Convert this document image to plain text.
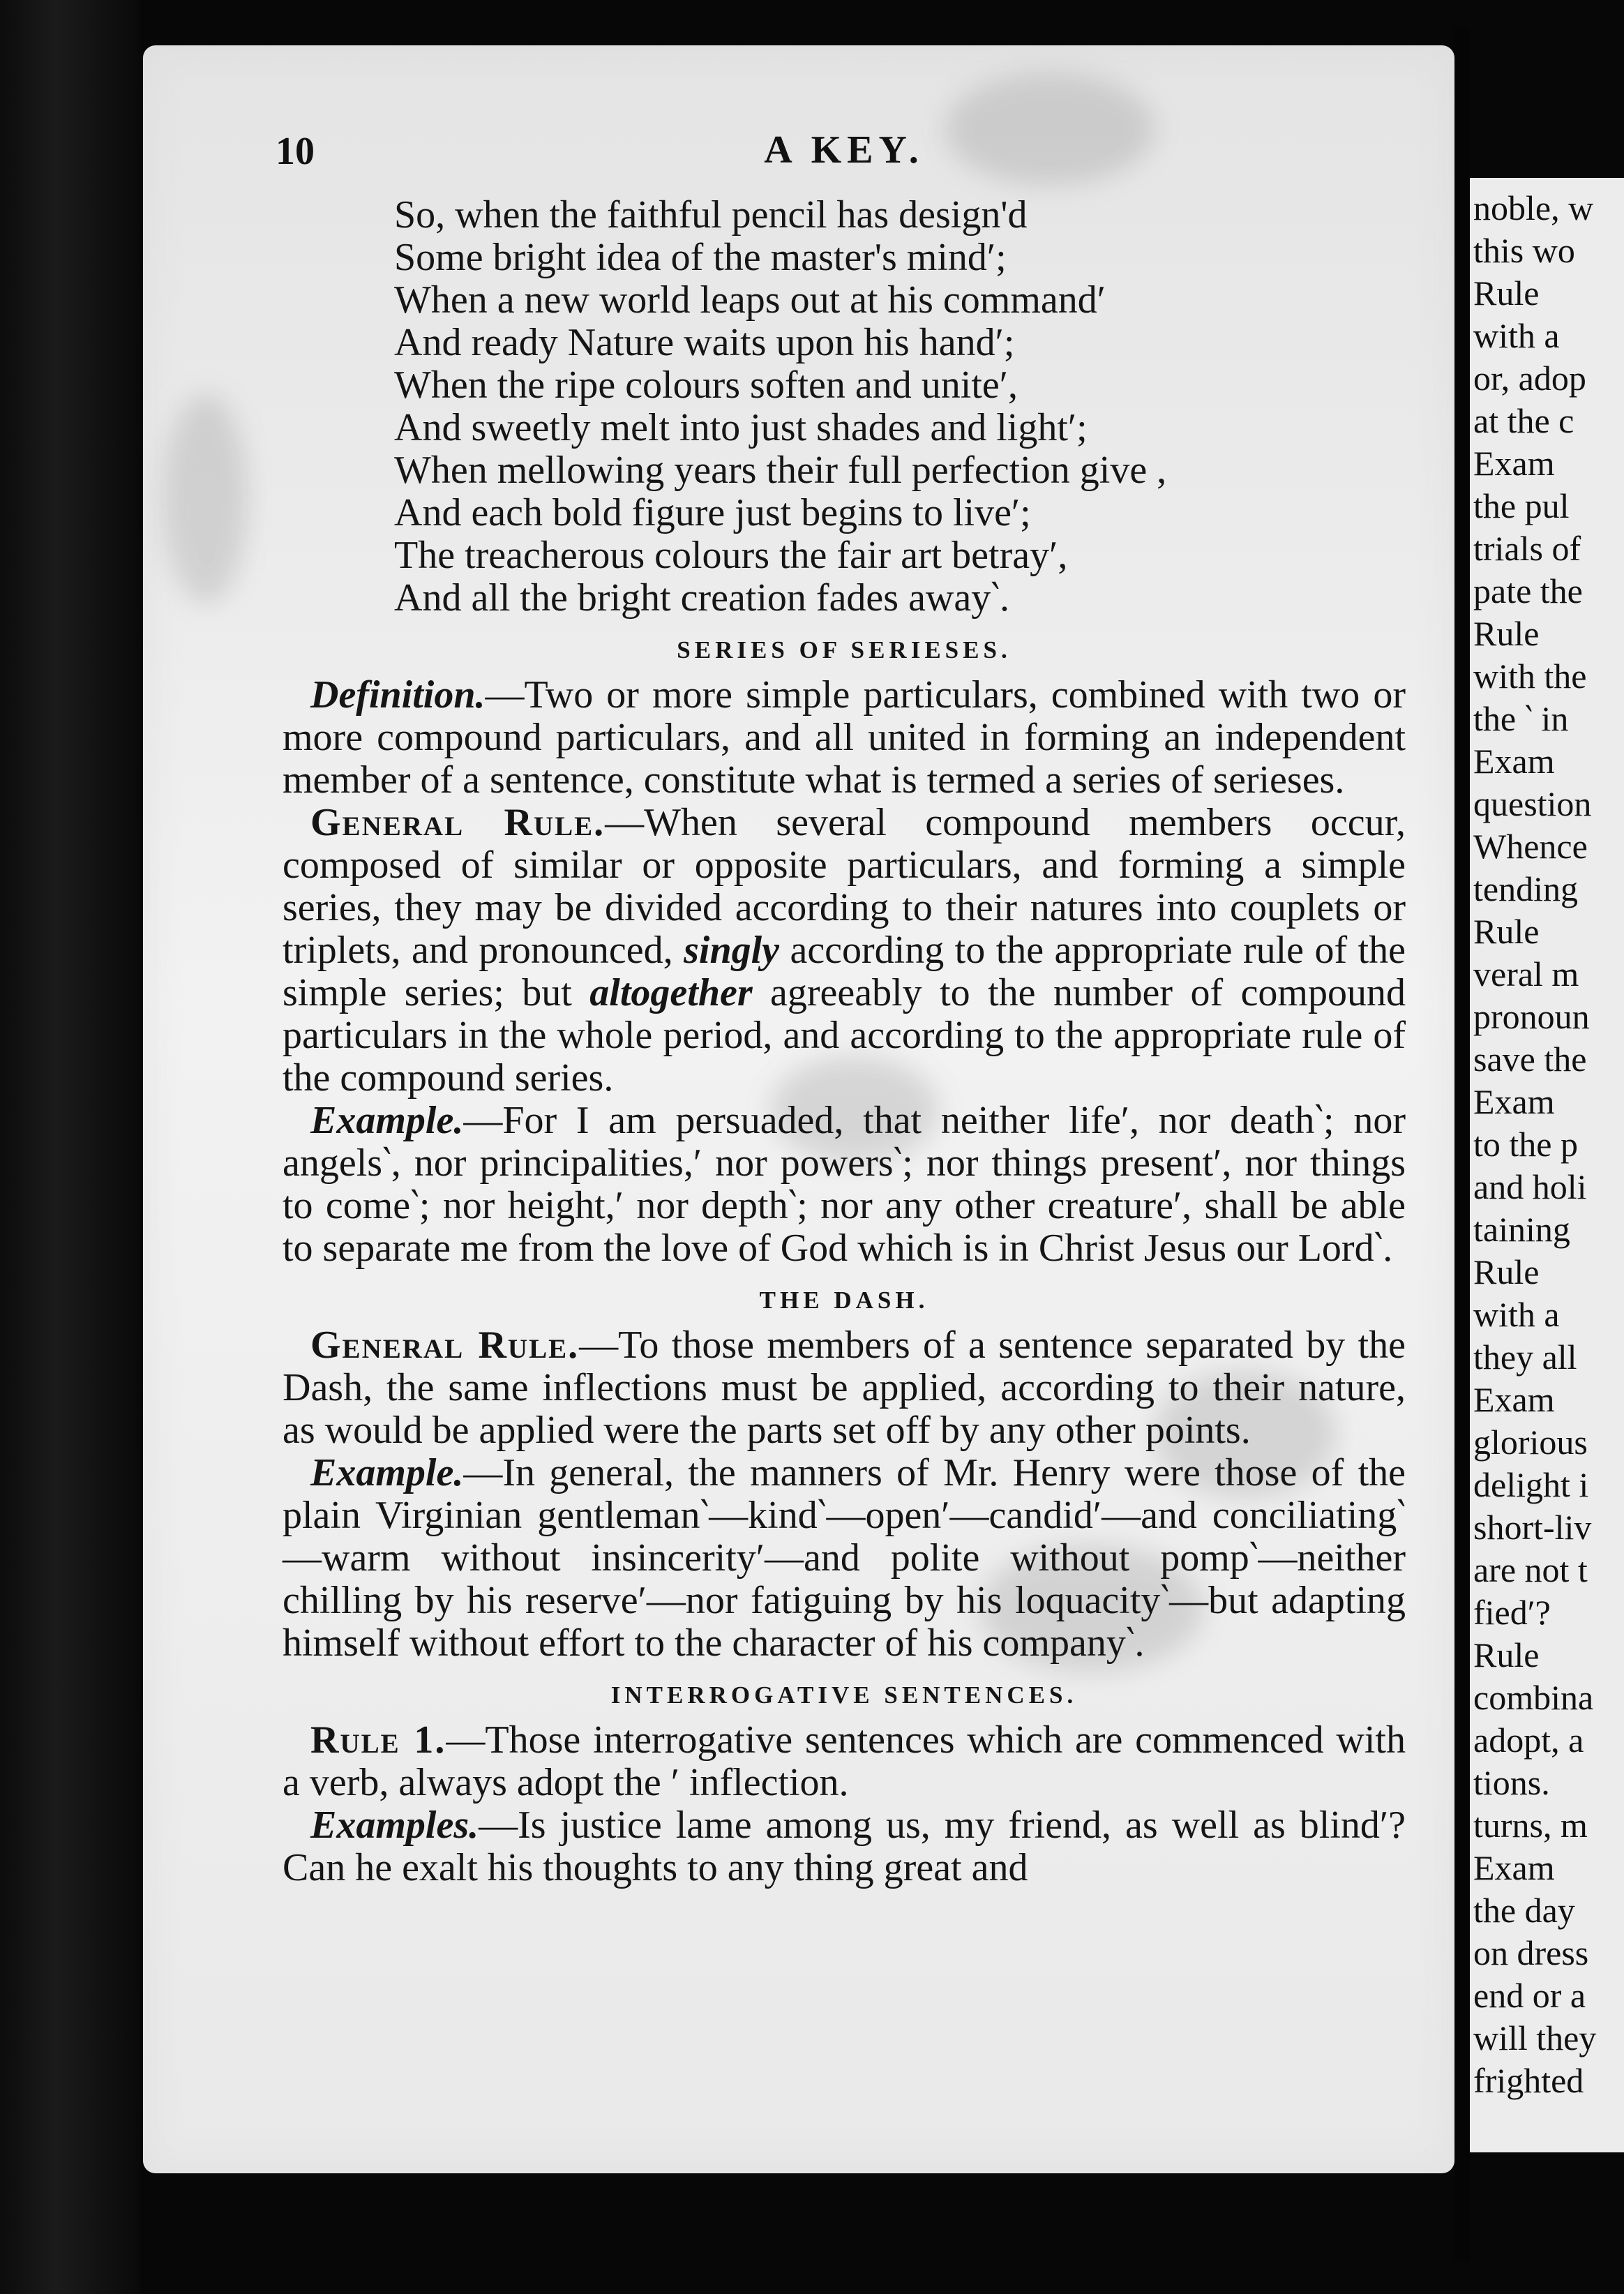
10	A KEY.
So, when the faithful pencil has design'd
Some bright idea of the master's mind′;
When a new world leaps out at his command′
And ready Nature waits upon his hand′;
When the ripe colours soften and unite′,
And sweetly melt into just shades and light′;
When mellowing years their full perfection give ,
And each bold figure just begins to live′;
The treacherous colours the fair art betray′,
And all the bright creation fades away‵.
SERIES OF SERIESES.

Definition.—Two or more simple particulars, combined with two or more compound particulars, and all united in forming an independent member of a sentence, constitute what is termed a series of serieses.

General Rule.—When several compound members occur, composed of similar or opposite particulars, and forming a simple series, they may be divided according to their natures into couplets or triplets, and pronounced, singly according to the appropriate rule of the simple series; but altogether agreeably to the number of compound particulars in the whole period, and according to the appropriate rule of the compound series.

Example.—For I am persuaded, that neither life′, nor death‵; nor angels‵, nor principalities,′ nor powers‵; nor things present′, nor things to come‵; nor height,′ nor depth‵; nor any other creature′, shall be able to separate me from the love of God which is in Christ Jesus our Lord‵.

THE DASH.

General Rule.—To those members of a sentence separated by the Dash, the same inflections must be applied, according to their nature, as would be applied were the parts set off by any other points.

Example.—In general, the manners of Mr. Henry were those of the plain Virginian gentleman‵—kind‵—open′—candid′—and conciliating‵—warm without insincerity′—and polite without pomp‵—neither chilling by his reserve′—nor fatiguing by his loquacity‵—but adapting himself without effort to the character of his company‵.

INTERROGATIVE SENTENCES.

Rule 1.—Those interrogative sentences which are commenced with a verb, always adopt the ′ inflection.

Examples.—Is justice lame among us, my friend, as well as blind′? Can he exalt his thoughts to any thing great and

noble, w
this wo
Rule
with a
or, adop
at the c
Exam
the pul
trials of
pate the
Rule
with the
the ‵ in
Exam
question
Whence
tending
Rule
veral m
pronoun
save the
Exam
to the p
and holi
taining
Rule
with a
they all
Exam
glorious
delight i
short-liv
are not t
fied′?
Rule
combina
adopt, a
tions.
turns, m
Exam
the day
on dress
end or a
will they
frighted
